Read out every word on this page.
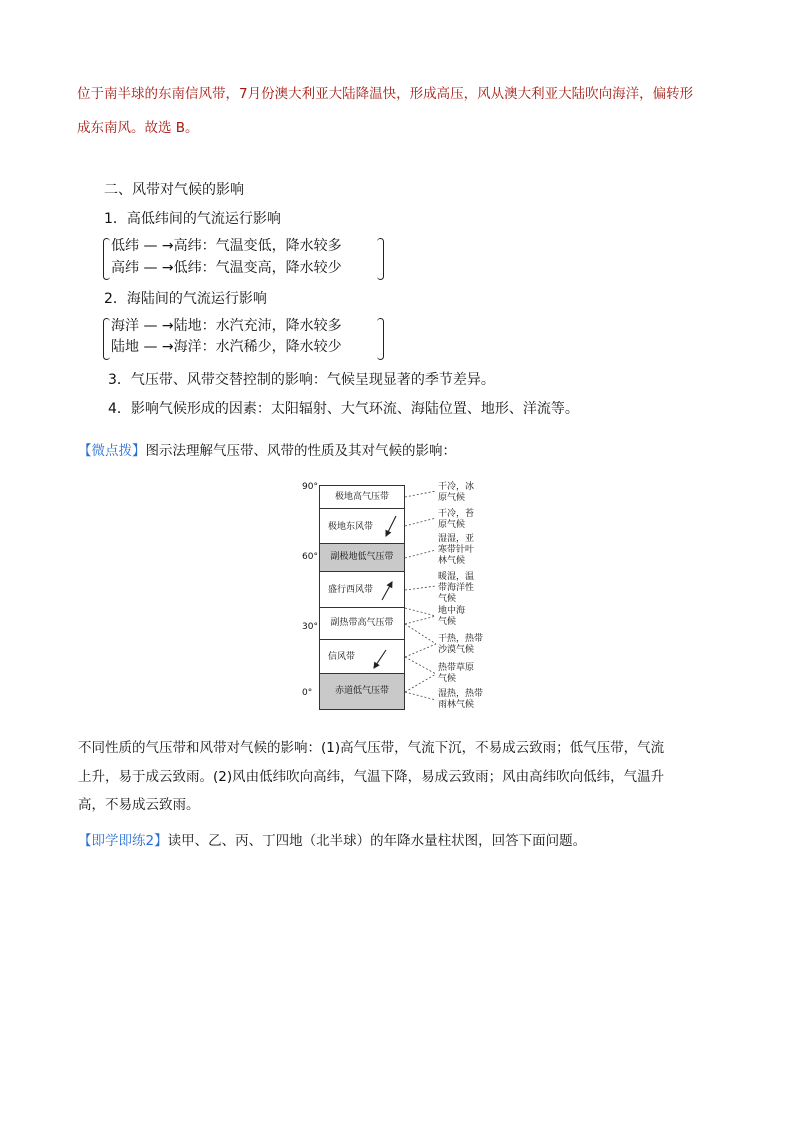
位于南半球的东南信风带，7月份澳大利亚大陆降温快，形成高压，风从澳大利亚大陆吹向海洋，偏转形
成东南风。故选 B。
二、风带对气候的影响
1．高低纬间的气流运行影响
低纬 — →高纬：气温变低，降水较多
高纬 — →低纬：气温变高，降水较少
2．海陆间的气流运行影响
海洋 — →陆地：水汽充沛，降水较多
陆地 — →海洋：水汽稀少，降水较少
3．气压带、风带交替控制的影响：气候呈现显著的季节差异。
4．影响气候形成的因素：太阳辐射、大气环流、海陆位置、地形、洋流等。
【微点拨】图示法理解气压带、风带的性质及其对气候的影响：
90°
60°
30°
0°
极地高气压带
极地东风带
副极地低气压带
盛行西风带
副热带高气压带
信风带
赤道低气压带
干冷，冰
原气候
干冷，苔
原气候
湿湿，亚
寒带针叶
林气候
暖湿，温
带海洋性
气候
地中海
气候
干热，热带
沙漠气候
热带草原
气候
湿热，热带
雨林气候
不同性质的气压带和风带对气候的影响：(1)高气压带，气流下沉，不易成云致雨；低气压带，气流
上升，易于成云致雨。(2)风由低纬吹向高纬，气温下降，易成云致雨；风由高纬吹向低纬，气温升
高，不易成云致雨。
【即学即练2】读甲、乙、丙、丁四地（北半球）的年降水量柱状图，回答下面问题。
